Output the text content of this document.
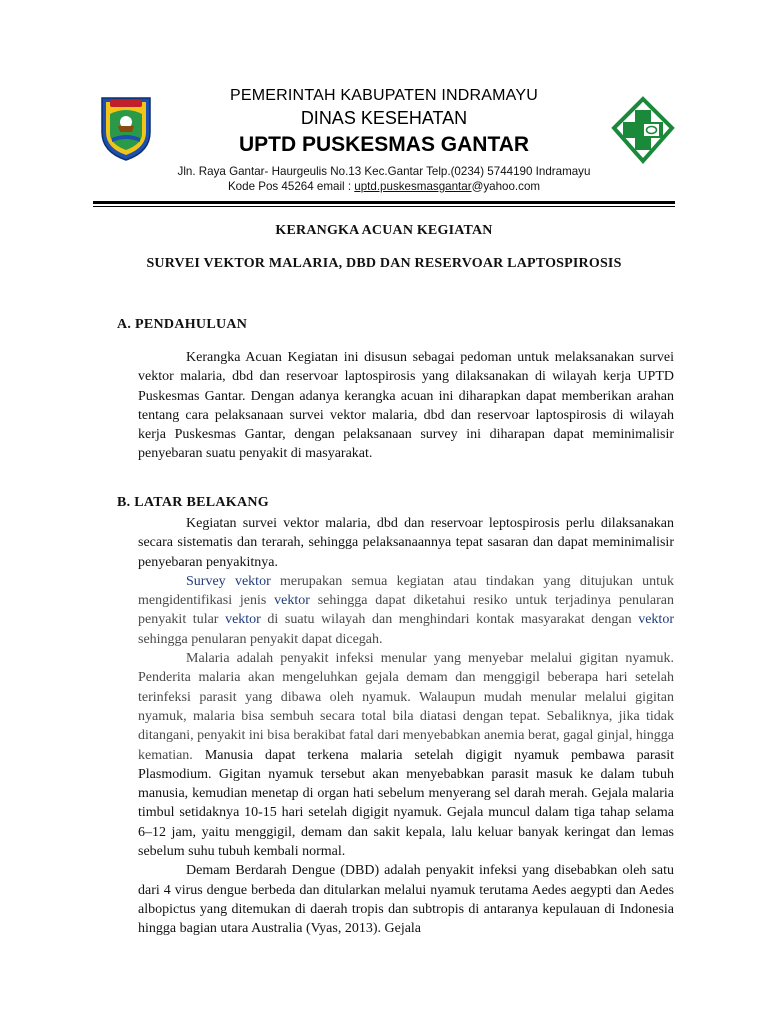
PEMERINTAH KABUPATEN INDRAMAYU
DINAS KESEHATAN
UPTD PUSKESMAS GANTAR
Jln. Raya Gantar- Haurgeulis No.13 Kec.Gantar Telp.(0234) 5744190 Indramayu
Kode Pos 45264 email : uptd.puskesmasgantar@yahoo.com
KERANGKA ACUAN KEGIATAN
SURVEI VEKTOR MALARIA, DBD DAN RESERVOAR LAPTOSPIROSIS
A. PENDAHULUAN

Kerangka Acuan Kegiatan ini disusun sebagai pedoman untuk melaksanakan survei vektor malaria, dbd dan reservoar laptospirosis yang dilaksanakan di wilayah kerja UPTD Puskesmas Gantar. Dengan adanya kerangka acuan ini diharapkan dapat memberikan arahan tentang cara pelaksanaan survei vektor malaria, dbd dan reservoar laptospirosis di wilayah kerja Puskesmas Gantar, dengan pelaksanaan survey ini diharapan dapat meminimalisir penyebaran suatu penyakit di masyarakat.

B. LATAR BELAKANG

Kegiatan survei vektor malaria, dbd dan reservoar leptospirosis perlu dilaksanakan secara sistematis dan terarah, sehingga pelaksanaannya tepat sasaran dan dapat meminimalisir penyebaran penyakitnya.

Survey vektor merupakan semua kegiatan atau tindakan yang ditujukan untuk mengidentifikasi jenis vektor sehingga dapat diketahui resiko untuk terjadinya penularan penyakit tular vektor di suatu wilayah dan menghindari kontak masyarakat dengan vektor sehingga penularan penyakit dapat dicegah.

Malaria adalah penyakit infeksi menular yang menyebar melalui gigitan nyamuk. Penderita malaria akan mengeluhkan gejala demam dan menggigil beberapa hari setelah terinfeksi parasit yang dibawa oleh nyamuk. Walaupun mudah menular melalui gigitan nyamuk, malaria bisa sembuh secara total bila diatasi dengan tepat. Sebaliknya, jika tidak ditangani, penyakit ini bisa berakibat fatal dari menyebabkan anemia berat, gagal ginjal, hingga kematian. Manusia dapat terkena malaria setelah digigit nyamuk pembawa parasit Plasmodium. Gigitan nyamuk tersebut akan menyebabkan parasit masuk ke dalam tubuh manusia, kemudian menetap di organ hati sebelum menyerang sel darah merah. Gejala malaria timbul setidaknya 10-15 hari setelah digigit nyamuk. Gejala muncul dalam tiga tahap selama 6–12 jam, yaitu menggigil, demam dan sakit kepala, lalu keluar banyak keringat dan lemas sebelum suhu tubuh kembali normal.

Demam Berdarah Dengue (DBD) adalah penyakit infeksi yang disebabkan oleh satu dari 4 virus dengue berbeda dan ditularkan melalui nyamuk terutama Aedes aegypti dan Aedes albopictus yang ditemukan di daerah tropis dan subtropis di antaranya kepulauan di Indonesia hingga bagian utara Australia (Vyas, 2013). Gejala
